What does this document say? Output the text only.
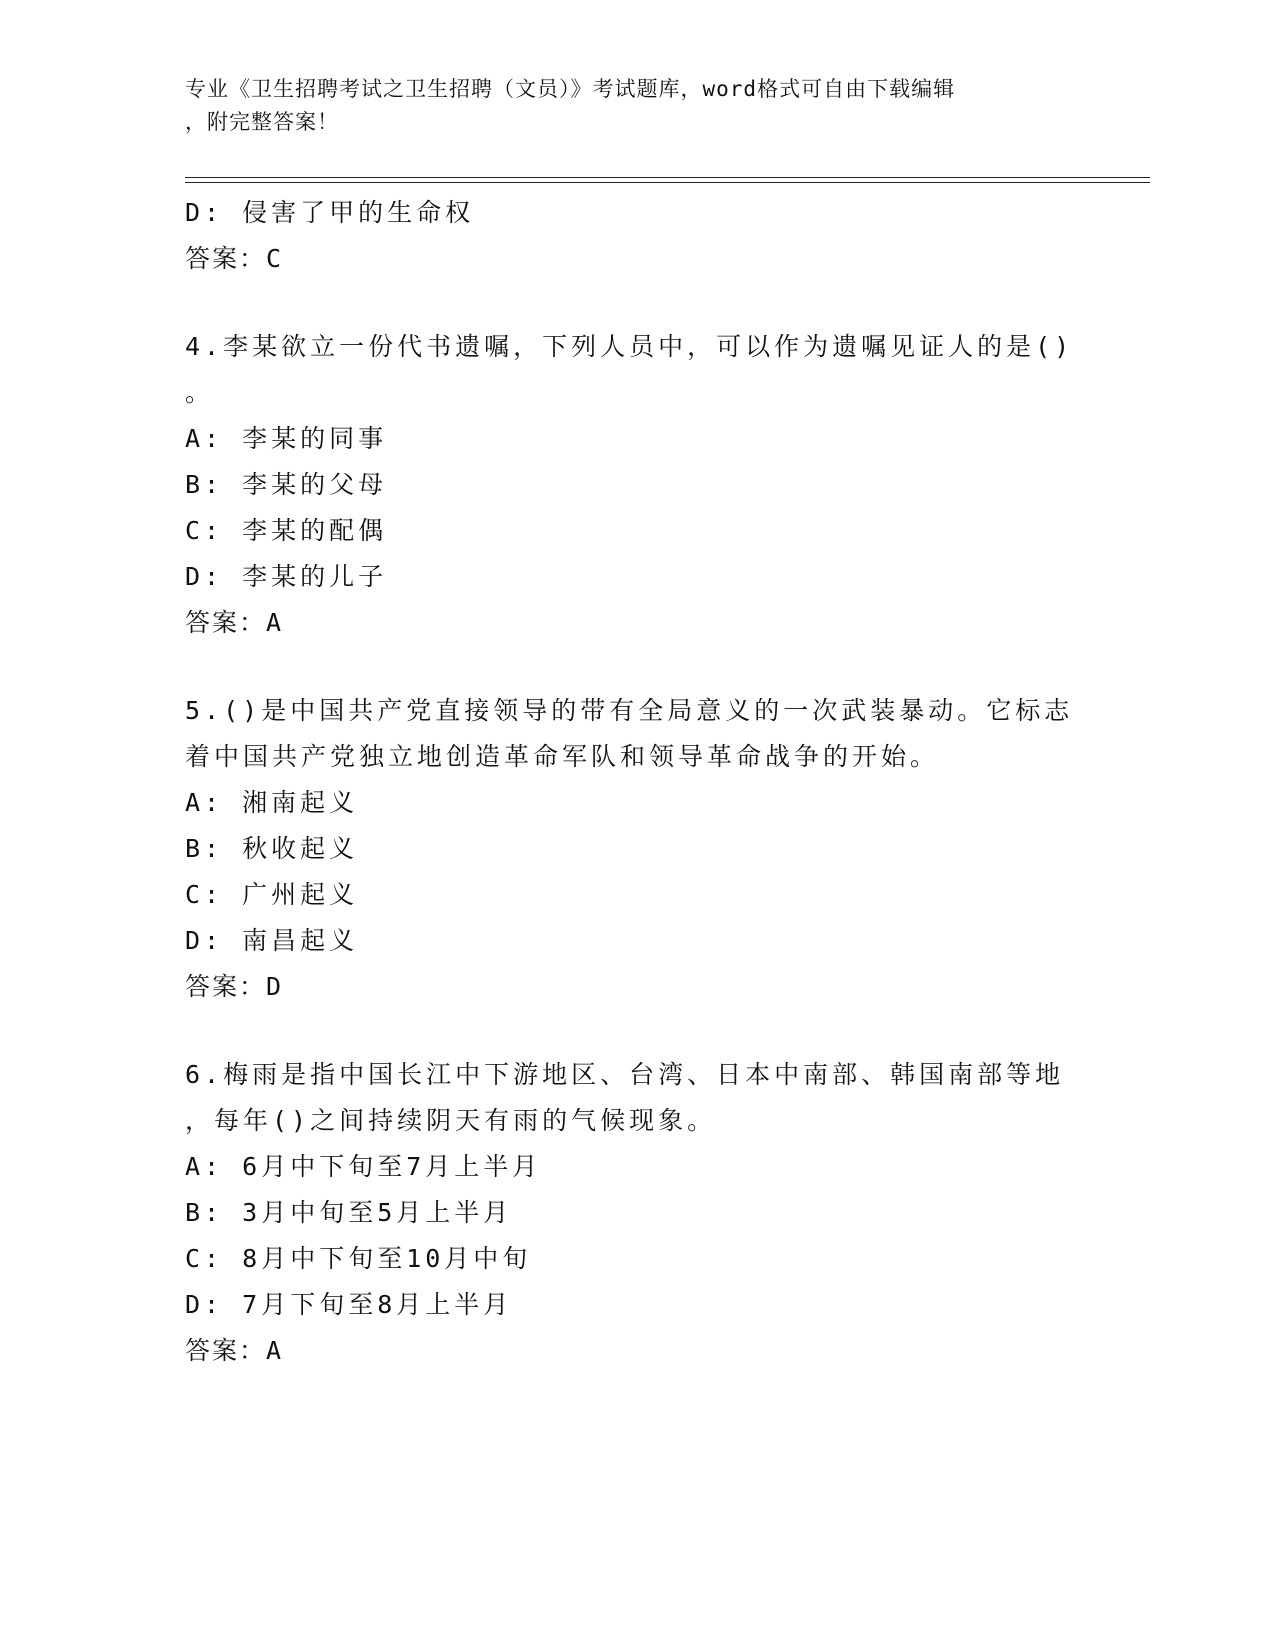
专业《卫生招聘考试之卫生招聘（文员）》考试题库，word格式可自由下载编辑
，附完整答案！
D: 侵害了甲的生命权
答案：C
4.李某欲立一份代书遗嘱，下列人员中，可以作为遗嘱见证人的是()
。
A: 李某的同事
B: 李某的父母
C: 李某的配偶
D: 李某的儿子
答案：A
5.()是中国共产党直接领导的带有全局意义的一次武装暴动。它标志
着中国共产党独立地创造革命军队和领导革命战争的开始。
A: 湘南起义
B: 秋收起义
C: 广州起义
D: 南昌起义
答案：D
6.梅雨是指中国长江中下游地区、台湾、日本中南部、韩国南部等地
，每年()之间持续阴天有雨的气候现象。
A: 6月中下旬至7月上半月
B: 3月中旬至5月上半月
C: 8月中下旬至10月中旬
D: 7月下旬至8月上半月
答案：A
